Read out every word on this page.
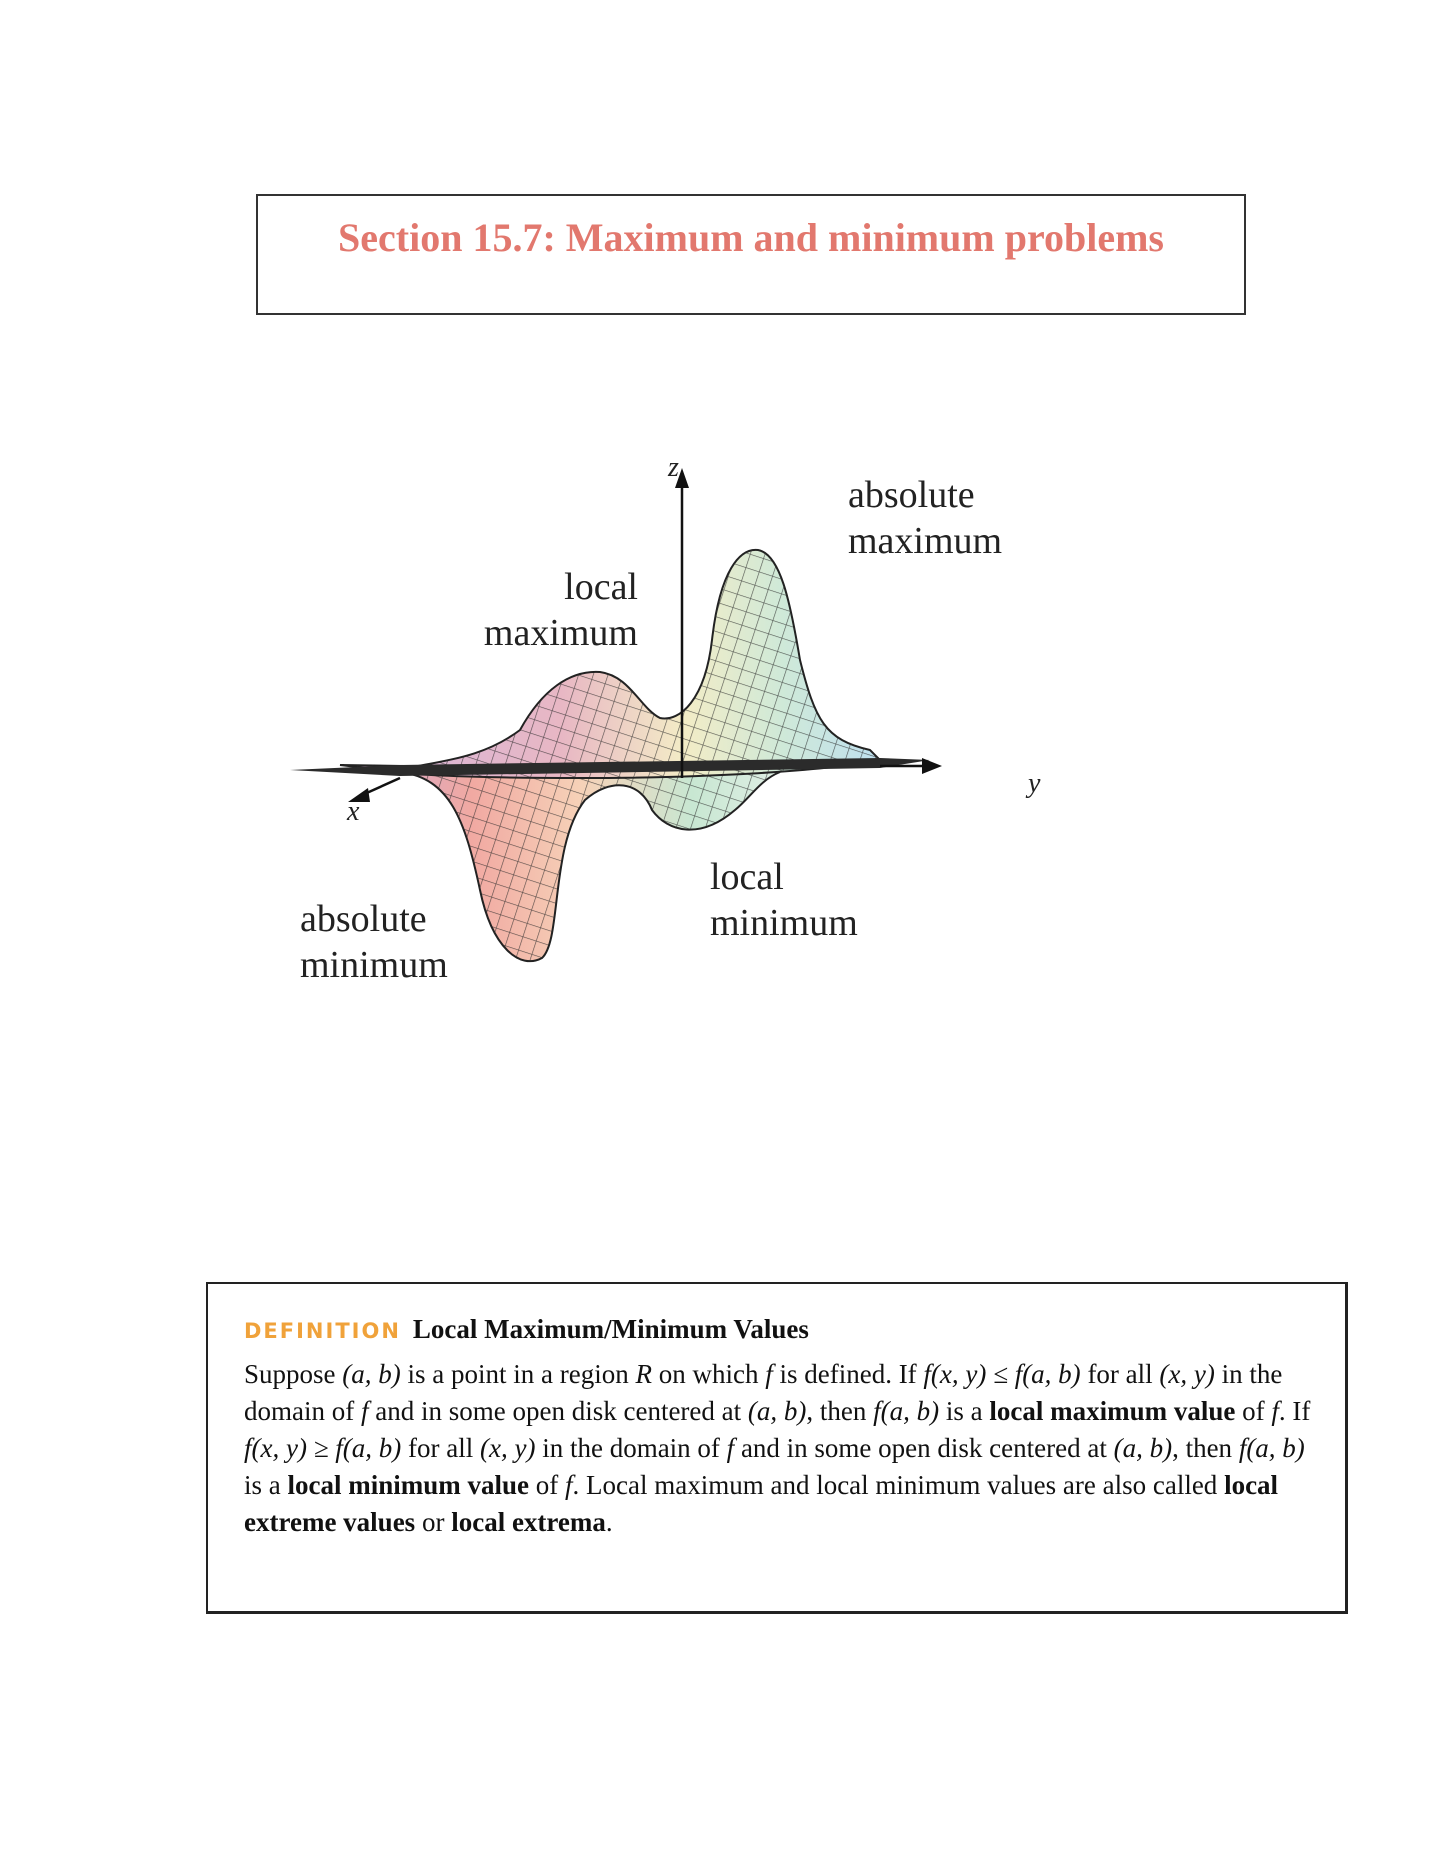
Section 15.7: Maximum and minimum problems
z
y
x
absolute
maximum
local
maximum
local
minimum
absolute
minimum
DEFINITION Local Maximum/Minimum Values
Suppose (a, b) is a point in a region R on which f is defined. If f(x, y) ≤ f(a, b) for all (x, y) in the domain of f and in some open disk centered at (a, b), then f(a, b) is a local maximum value of f. If f(x, y) ≥ f(a, b) for all (x, y) in the domain of f and in some open disk centered at (a, b), then f(a, b) is a local minimum value of f. Local maximum and local minimum values are also called local extreme values or local extrema.
